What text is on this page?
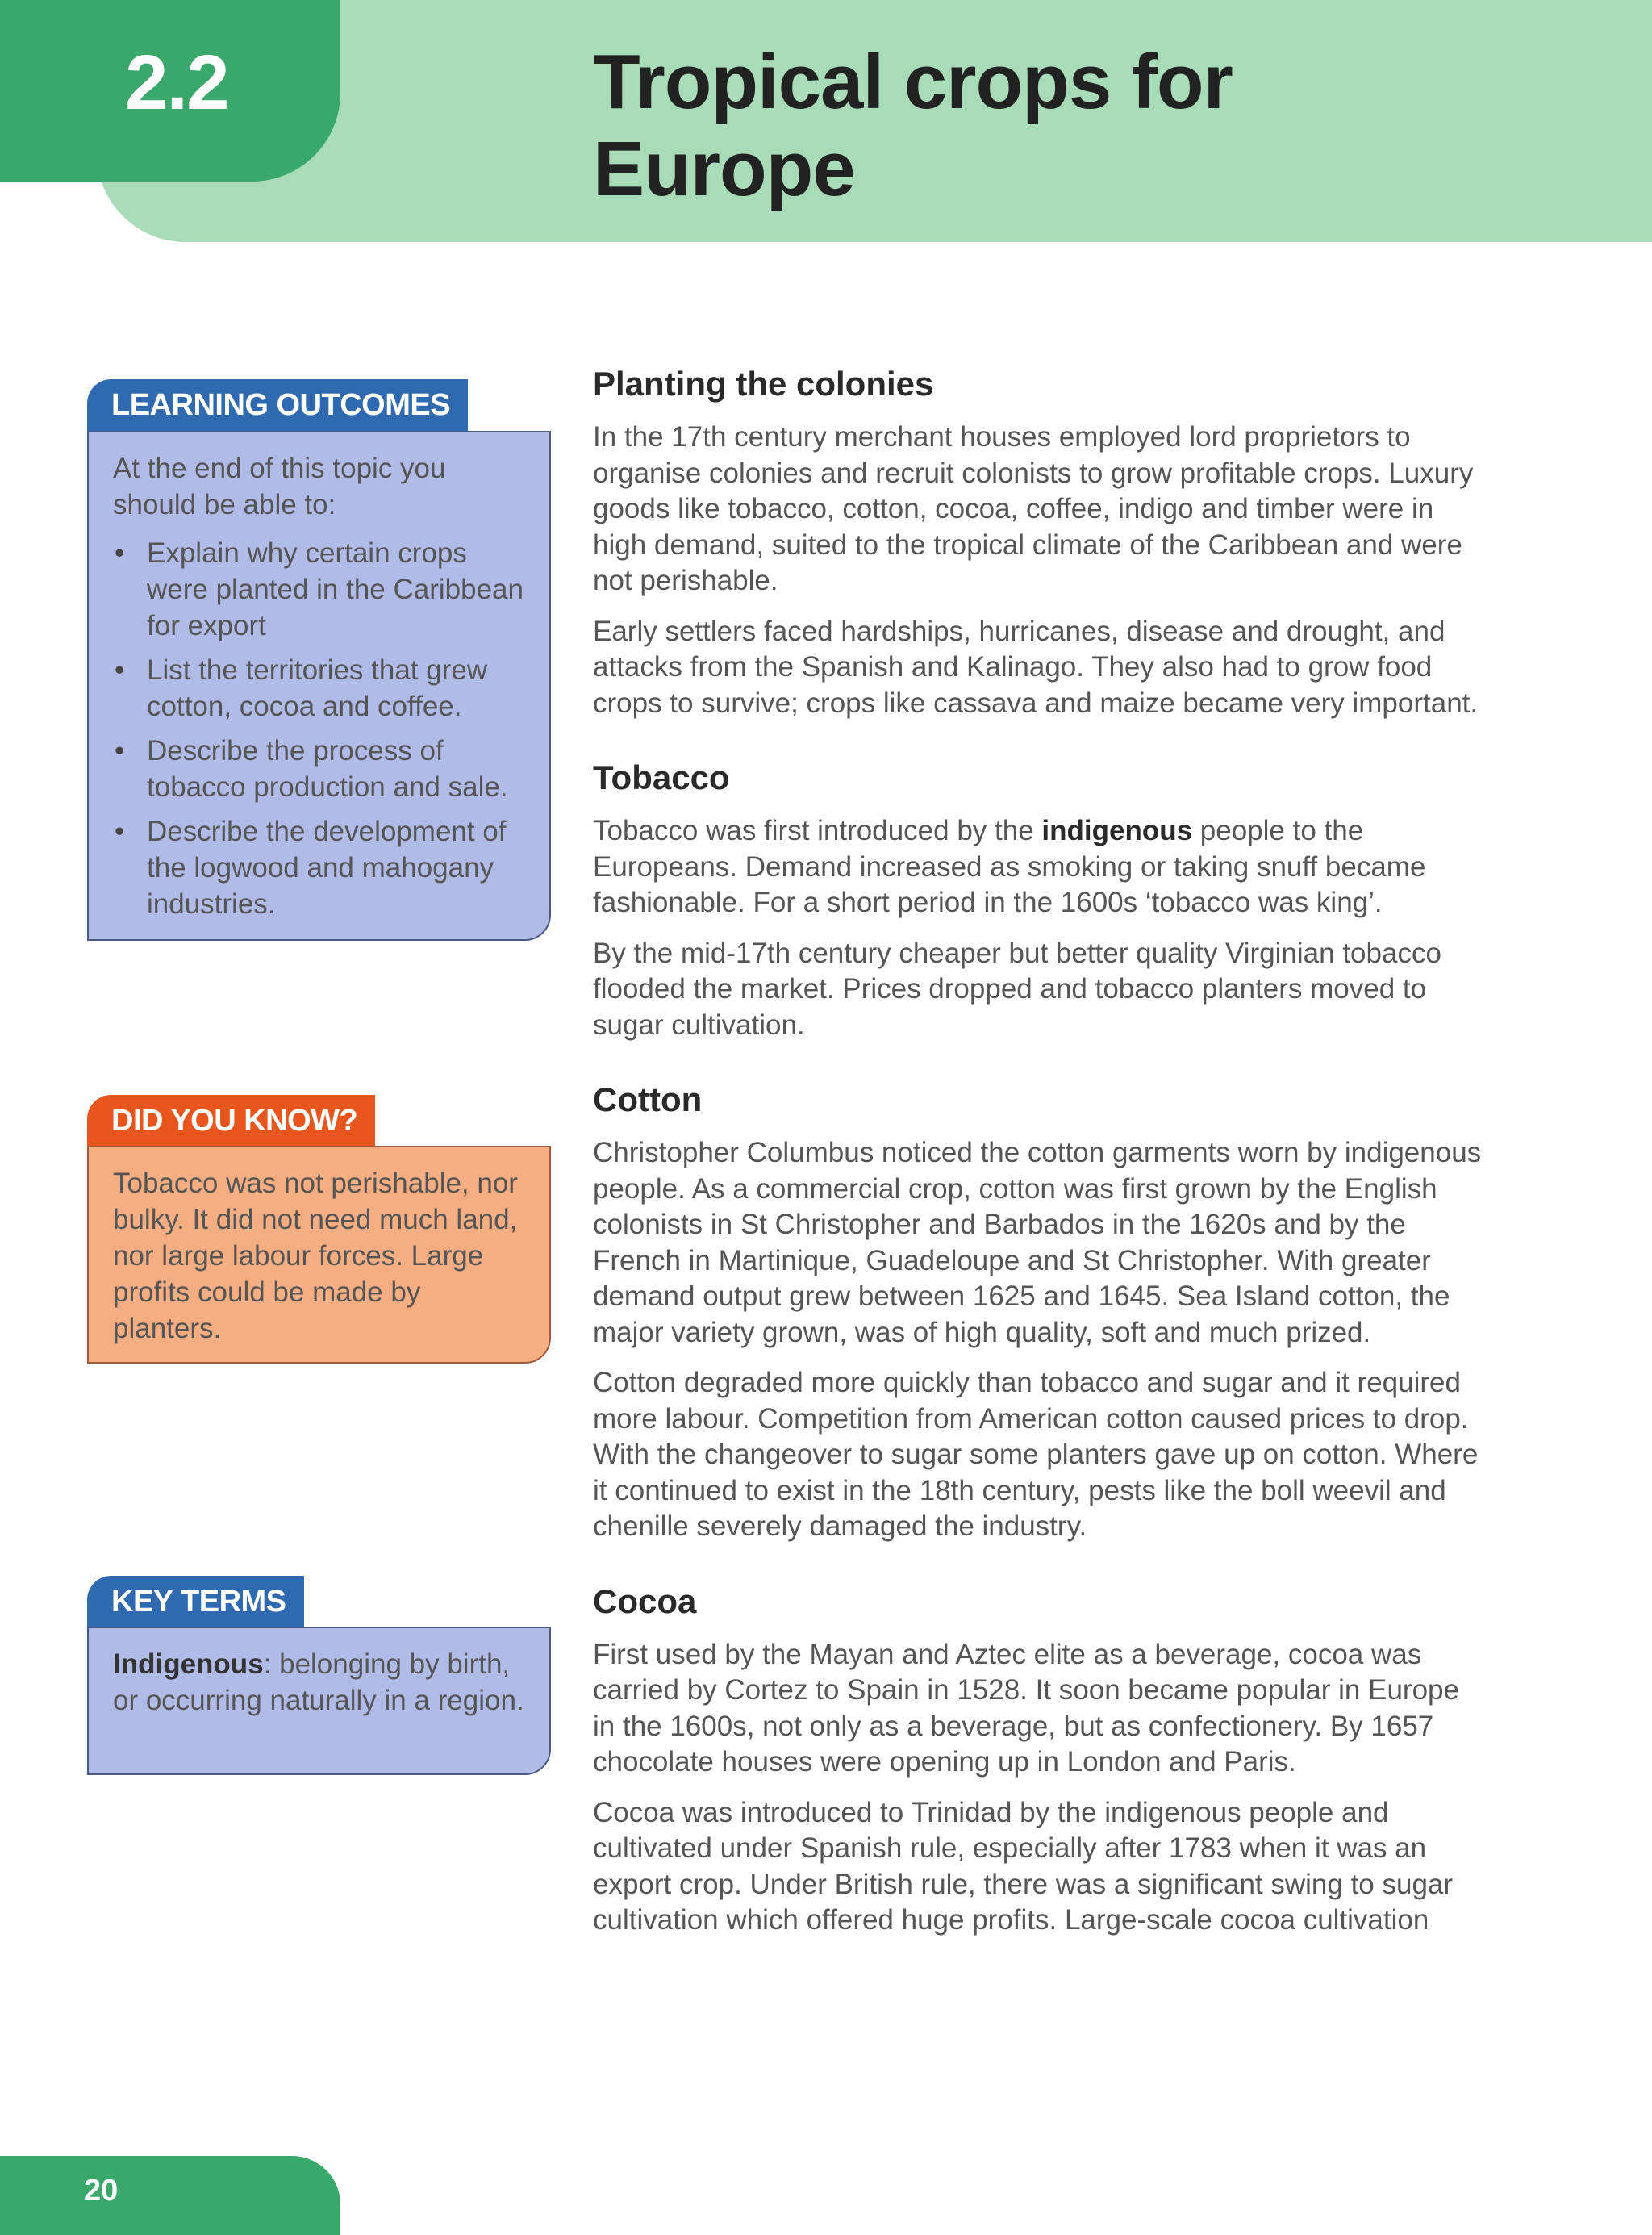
2.2	Tropical crops for
Europe
LEARNING OUTCOMES

At the end of this topic you should be able to:

• Explain why certain crops were planted in the Caribbean for export
• List the territories that grew cotton, cocoa and coffee.
• Describe the process of tobacco production and sale.
• Describe the development of the logwood and mahogany industries.
DID YOU KNOW?

Tobacco was not perishable, nor bulky. It did not need much land, nor large labour forces. Large profits could be made by planters.

KEY TERMS

Indigenous: belonging by birth, or occurring naturally in a region.

Planting the colonies

In the 17th century merchant houses employed lord proprietors to organise colonies and recruit colonists to grow profitable crops. Luxury goods like tobacco, cotton, cocoa, coffee, indigo and timber were in high demand, suited to the tropical climate of the Caribbean and were not perishable.

Early settlers faced hardships, hurricanes, disease and drought, and attacks from the Spanish and Kalinago. They also had to grow food crops to survive; crops like cassava and maize became very important.

Tobacco

Tobacco was first introduced by the indigenous people to the Europeans. Demand increased as smoking or taking snuff became fashionable. For a short period in the 1600s ‘tobacco was king’.

By the mid-17th century cheaper but better quality Virginian tobacco flooded the market. Prices dropped and tobacco planters moved to sugar cultivation.

Cotton

Christopher Columbus noticed the cotton garments worn by indigenous people. As a commercial crop, cotton was first grown by the English colonists in St Christopher and Barbados in the 1620s and by the French in Martinique, Guadeloupe and St Christopher. With greater demand output grew between 1625 and 1645. Sea Island cotton, the major variety grown, was of high quality, soft and much prized.

Cotton degraded more quickly than tobacco and sugar and it required more labour. Competition from American cotton caused prices to drop. With the changeover to sugar some planters gave up on cotton. Where it continued to exist in the 18th century, pests like the boll weevil and chenille severely damaged the industry.

Cocoa

First used by the Mayan and Aztec elite as a beverage, cocoa was carried by Cortez to Spain in 1528. It soon became popular in Europe in the 1600s, not only as a beverage, but as confectionery. By 1657 chocolate houses were opening up in London and Paris.

Cocoa was introduced to Trinidad by the indigenous people and cultivated under Spanish rule, especially after 1783 when it was an export crop. Under British rule, there was a significant swing to sugar cultivation which offered huge profits. Large-scale cocoa cultivation

20
